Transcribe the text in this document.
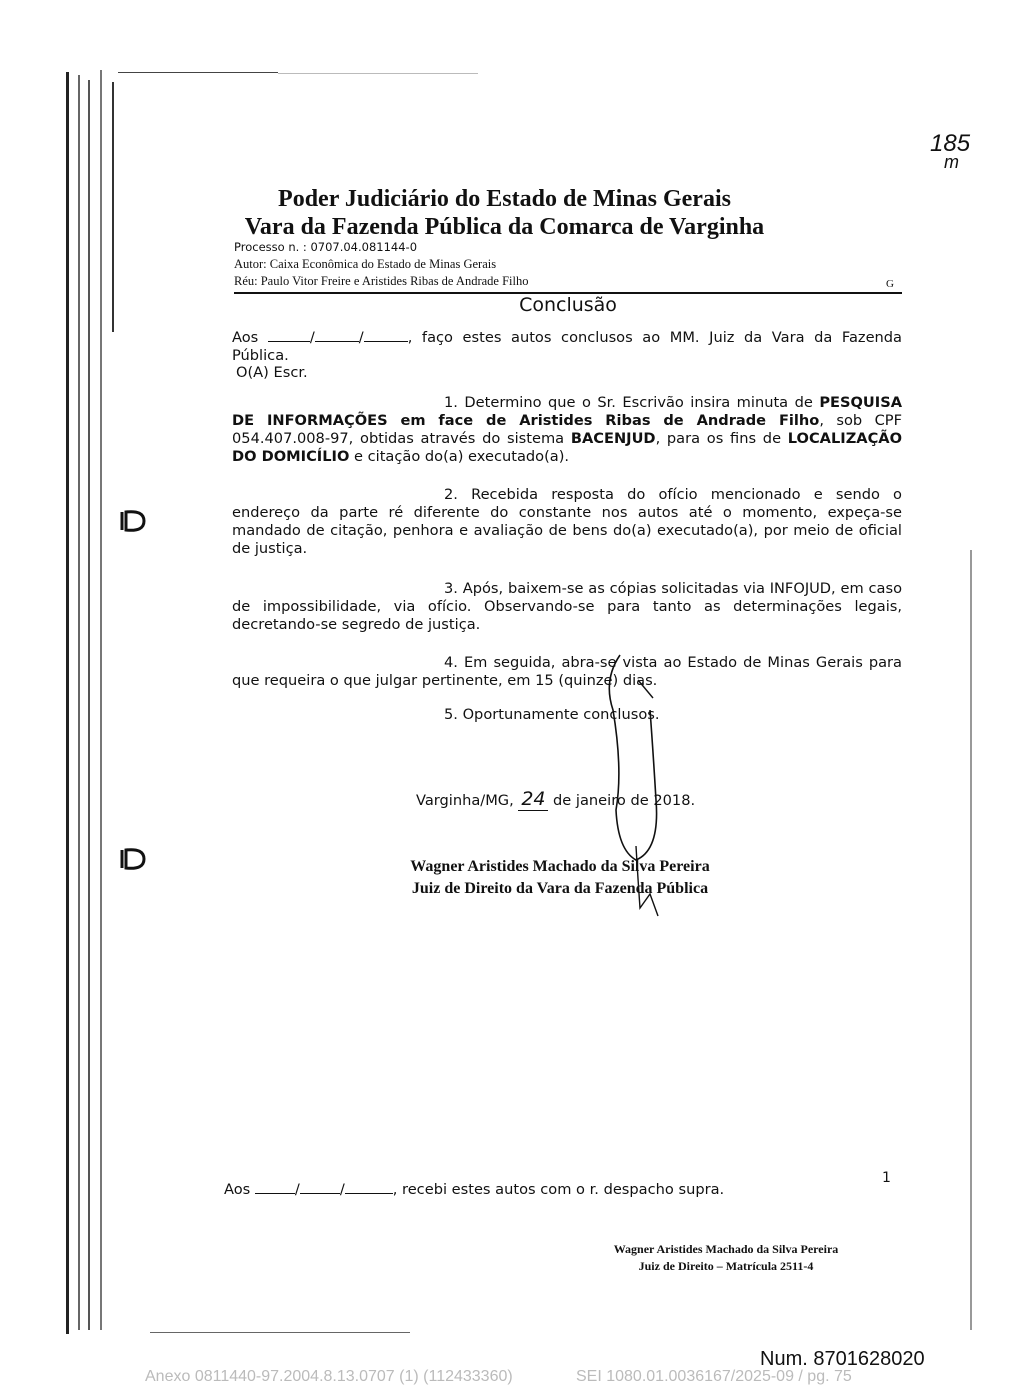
185
m
Poder Judiciário do Estado de Minas Gerais
Vara da Fazenda Pública da Comarca de Varginha
Processo n. : 0707.04.081144-0
Autor: Caixa Econômica do Estado de Minas Gerais
Réu: Paulo Vitor Freire e Aristides Ribas de Andrade Filho	G
Conclusão
Aos	/	/	, faço estes autos conclusos ao MM. Juiz da Vara da Fazenda Pública.
O(A) Escr.
1. Determino que o Sr. Escrivão insira minuta de PESQUISA DE INFORMAÇÕES em face de Aristides Ribas de Andrade Filho, sob CPF 054.407.008-97, obtidas através do sistema BACENJUD, para os fins de LOCALIZAÇÃO DO DOMICÍLIO e citação do(a) executado(a).
2. Recebida resposta do ofício mencionado e sendo o endereço da parte ré diferente do constante nos autos até o momento, expeça-se mandado de citação, penhora e avaliação de bens do(a) executado(a), por meio de oficial de justiça.
3. Após, baixem-se as cópias solicitadas via INFOJUD, em caso de impossibilidade, via ofício. Observando-se para tanto as determinações legais, decretando-se segredo de justiça.
4. Em seguida, abra-se vista ao Estado de Minas Gerais para que requeira o que julgar pertinente, em 15 (quinze) dias.
5. Oportunamente conclusos.
Varginha/MG, 24 de janeiro de 2018.
Wagner Aristides Machado da Silva Pereira
Juiz de Direito da Vara da Fazenda Pública
Aos	/	/	, recebi estes autos com o r. despacho supra.
1
Wagner Aristides Machado da Silva Pereira
Juiz de Direito – Matrícula 2511-4
Num. 8701628020
Anexo 0811440-97.2004.8.13.0707 (1) (112433360)	SEI 1080.01.0036167/2025-09 / pg. 75
